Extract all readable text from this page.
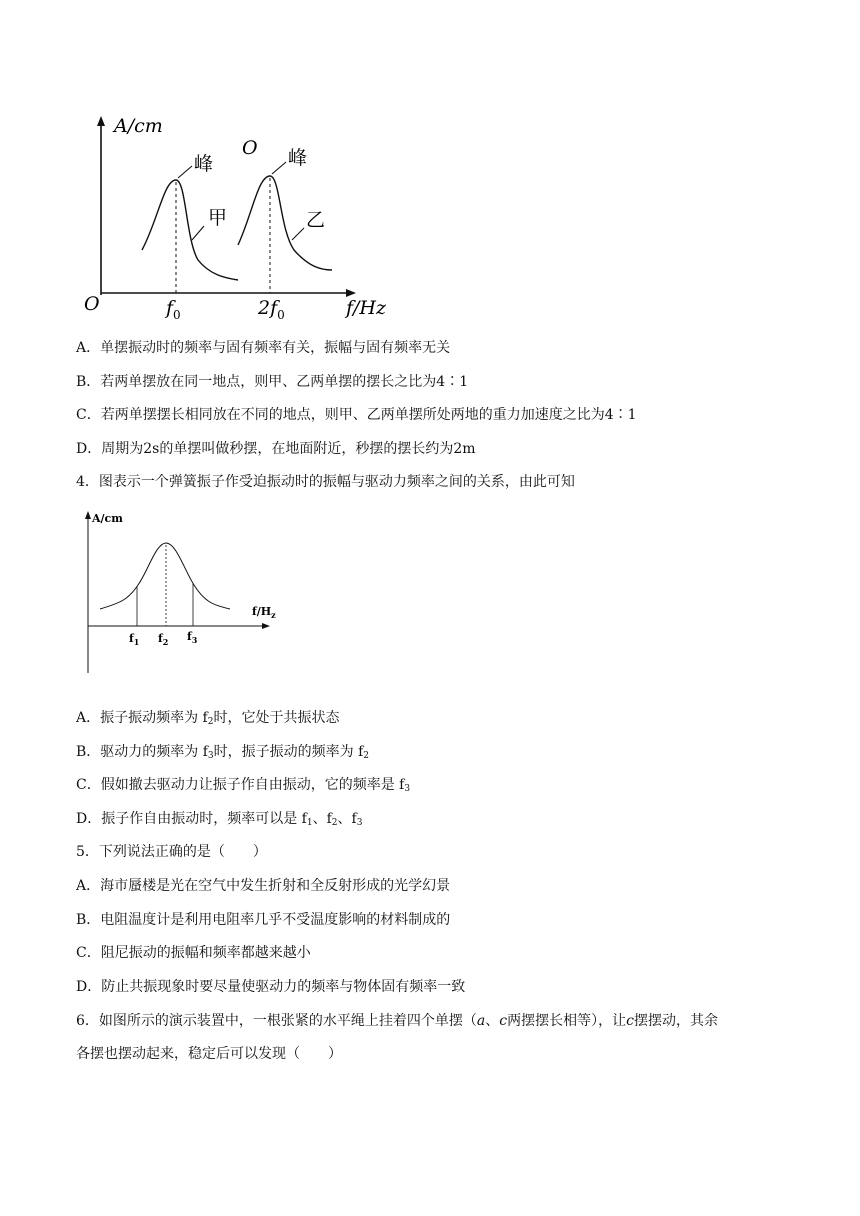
A/cm
f/Hz
O
O
峰	峰
甲	乙
$f_0$	$2f_0$
A．单摆振动时的频率与固有频率有关，振幅与固有频率无关
B．若两单摆放在同一地点，则甲、乙两单摆的摆长之比为4∶1
C．若两单摆摆长相同放在不同的地点，则甲、乙两单摆所处两地的重力加速度之比为4∶1
D．周期为2s的单摆叫做秒摆，在地面附近，秒摆的摆长约为2m
4．图表示一个弹簧振子作受迫振动时的振幅与驱动力频率之间的关系，由此可知
A/cm
$f/H_z$
$f_1$ $f_2$ $f_3$
A．振子振动频率为 $f_2$时，它处于共振状态
B．驱动力的频率为 $f_3$时，振子振动的频率为 $f_2$
C．假如撤去驱动力让振子作自由振动，它的频率是 $f_3$
D．振子作自由振动时，频率可以是 $f_1$、$f_2$、$f_3$
5．下列说法正确的是（　　）
A．海市蜃楼是光在空气中发生折射和全反射形成的光学幻景
B．电阻温度计是利用电阻率几乎不受温度影响的材料制成的
C．阻尼振动的振幅和频率都越来越小
D．防止共振现象时要尽量使驱动力的频率与物体固有频率一致
6．如图所示的演示装置中，一根张紧的水平绳上挂着四个单摆（a、c两摆摆长相等），让c摆摆动，其余
各摆也摆动起来，稳定后可以发现（　　）
